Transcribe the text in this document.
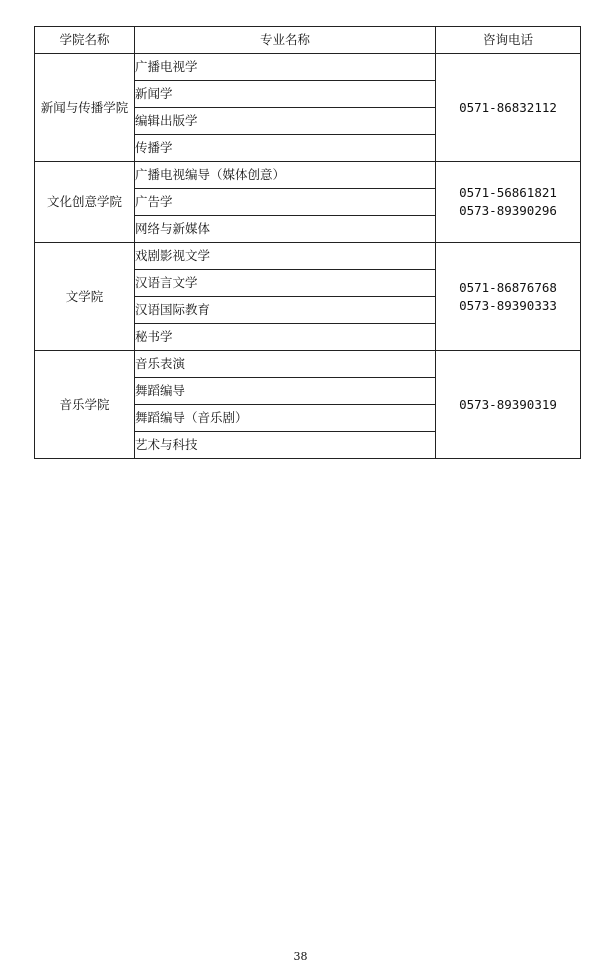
学院名称	专业名称	咨询电话
新闻与传播学院	广播电视学	0571-86832112

	新闻学	
	编辑出版学	
	传播学	
文化创意学院	广播电视编导（媒体创意）	0571-56861821
0573-89390296

	广告学	
	网络与新媒体	
文学院	戏剧影视文学	0571-86876768
0573-89390333

	汉语言文学	
	汉语国际教育	
	秘书学	
音乐学院	音乐表演	0573-89390319

	舞蹈编导	
	舞蹈编导（音乐剧）	
	艺术与科技	
38
